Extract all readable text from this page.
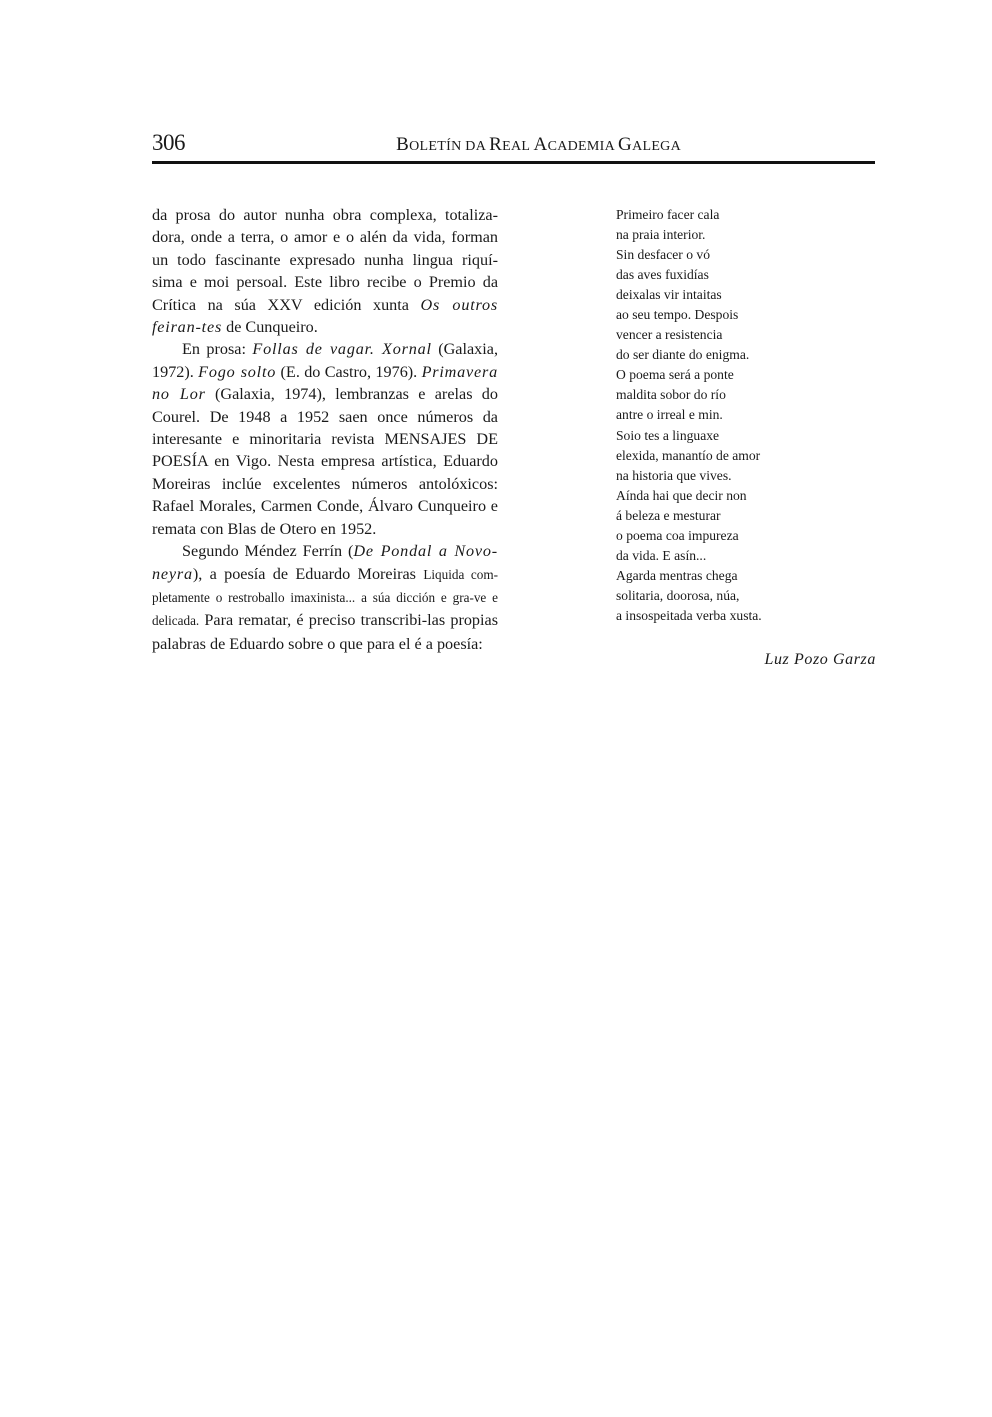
306	BOLETÍN DA REAL ACADEMIA GALEGA

da prosa do autor nunha obra complexa, totaliza-dora, onde a terra, o amor e o alén da vida, forman un todo fascinante expresado nunha lingua riquí-sima e moi persoal. Este libro recibe o Premio da Crítica na súa XXV edición xunta Os outros feiran-tes de Cunqueiro.

En prosa: Follas de vagar. Xornal (Galaxia, 1972). Fogo solto (E. do Castro, 1976). Primavera no Lor (Galaxia, 1974), lembranzas e arelas do Courel. De 1948 a 1952 saen once números da interesante e minoritaria revista MENSAJES DE POESÍA en Vigo. Nesta empresa artística, Eduardo Moreiras inclúe excelentes números antolóxicos: Rafael Morales, Carmen Conde, Álvaro Cunqueiro e remata con Blas de Otero en 1952.

Segundo Méndez Ferrín (De Pondal a Novo-neyra), a poesía de Eduardo Moreiras Liquida com-pletamente o restroballo imaxinista... a súa dicción e gra-ve e delicada. Para rematar, é preciso transcribi-las propias palabras de Eduardo sobre o que para el é a poesía:

Primeiro facer cala
na praia interior.
Sin desfacer o vó
das aves fuxidías
deixalas vir intaitas
ao seu tempo. Despois
vencer a resistencia
do ser diante do enigma.
O poema será a ponte
maldita sobor do río
antre o irreal e min.
Soio tes a linguaxe
elexida, manantío de amor
na historia que vives.
Aínda hai que decir non
á beleza e mesturar
o poema coa impureza
da vida. E asín...
Agarda mentras chega
solitaria, doorosa, núa,
a insospeitada verba xusta.
Luz Pozo Garza
